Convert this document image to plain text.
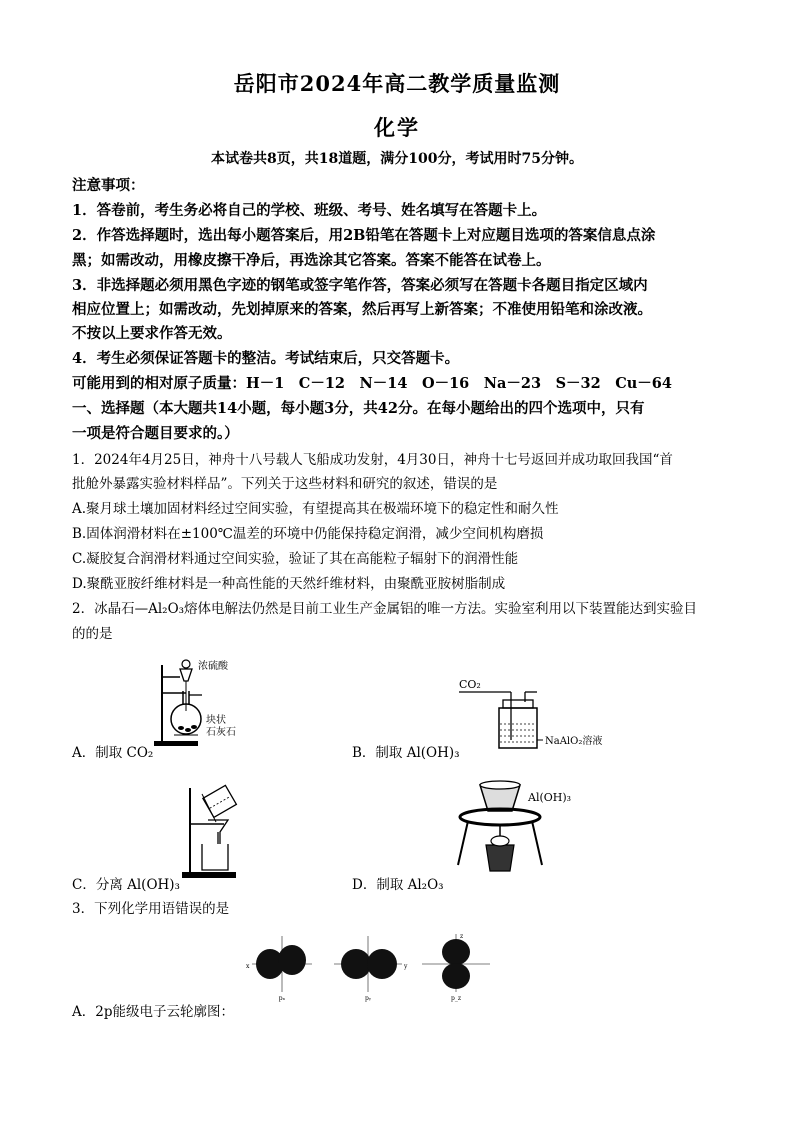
岳阳市2024年高二教学质量监测
化学
本试卷共8页，共18道题，满分100分，考试用时75分钟。
注意事项：
1．答卷前，考生务必将自己的学校、班级、考号、姓名填写在答题卡上。
2．作答选择题时，选出每小题答案后，用2B铅笔在答题卡上对应题目选项的答案信息点涂
黑；如需改动，用橡皮擦干净后，再选涂其它答案。答案不能答在试卷上。
3．非选择题必须用黑色字迹的钢笔或签字笔作答，答案必须写在答题卡各题目指定区域内
相应位置上；如需改动，先划掉原来的答案，然后再写上新答案；不准使用铅笔和涂改液。
不按以上要求作答无效。
4．考生必须保证答题卡的整洁。考试结束后，只交答题卡。
可能用到的相对原子质量：H－1　C－12　N－14　O－16　Na－23　S－32　Cu－64
一、选择题（本大题共14小题，每小题3分，共42分。在每小题给出的四个选项中，只有
一项是符合题目要求的。）
1．2024年4月25日，神舟十八号载人飞船成功发射，4月30日，神舟十七号返回并成功取回我国“首
批舱外暴露实验材料样品”。下列关于这些材料和研究的叙述，错误的是
A.聚月球土壤加固材料经过空间实验，有望提高其在极端环境下的稳定性和耐久性
B.固体润滑材料在±100℃温差的环境中仍能保持稳定润滑，减少空间机构磨损
C.凝胶复合润滑材料通过空间实验，验证了其在高能粒子辐射下的润滑性能
D.聚酰亚胺纤维材料是一种高性能的天然纤维材料，由聚酰亚胺树脂制成
2．冰晶石—Al₂O₃熔体电解法仍然是目前工业生产金属铝的唯一方法。实验室利用以下装置能达到实验目
的的是
浓硫酸
块状
石灰石
A．制取 CO₂
CO₂
NaAlO₂溶液
B．制取 Al(OH)₃
C．分离 Al(OH)₃
Al(OH)₃
D．制取 Al₂O₃
3．下列化学用语错误的是
pₓ
x
pᵧ
y
p_z
z
A．2p能级电子云轮廓图：
